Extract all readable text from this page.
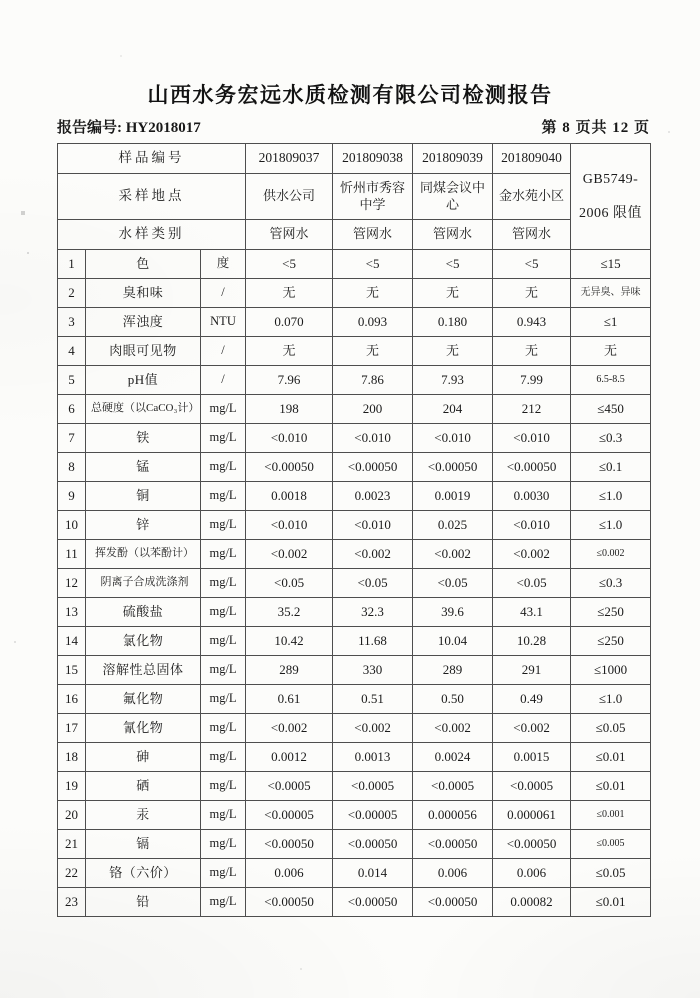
山西水务宏远水质检测有限公司检测报告
报告编号: HY2018017	第 8 页共 12 页
样品编号			201809037	201809038	201809039	201809040	GB5749-
2006 限值

采样地点			供水公司	忻州市秀容中学	同煤会议中心	金水苑小区	
水样类别			管网水	管网水	管网水	管网水	
1	色	度	<5	<5	<5	<5	≤15
2	臭和味	/	无	无	无	无	无异臭、异味
3	浑浊度	NTU	0.070	0.093	0.180	0.943	≤1
4	肉眼可见物	/	无	无	无	无	无
5	pH值	/	7.96	7.86	7.93	7.99	6.5-8.5
6	总硬度（以CaCO₃计）	mg/L	198	200	204	212	≤450
7	铁	mg/L	<0.010	<0.010	<0.010	<0.010	≤0.3
8	锰	mg/L	<0.00050	<0.00050	<0.00050	<0.00050	≤0.1
9	铜	mg/L	0.0018	0.0023	0.0019	0.0030	≤1.0
10	锌	mg/L	<0.010	<0.010	0.025	<0.010	≤1.0
11	挥发酚（以苯酚计）	mg/L	<0.002	<0.002	<0.002	<0.002	≤0.002
12	阴离子合成洗涤剂	mg/L	<0.05	<0.05	<0.05	<0.05	≤0.3
13	硫酸盐	mg/L	35.2	32.3	39.6	43.1	≤250
14	氯化物	mg/L	10.42	11.68	10.04	10.28	≤250
15	溶解性总固体	mg/L	289	330	289	291	≤1000
16	氟化物	mg/L	0.61	0.51	0.50	0.49	≤1.0
17	氰化物	mg/L	<0.002	<0.002	<0.002	<0.002	≤0.05
18	砷	mg/L	0.0012	0.0013	0.0024	0.0015	≤0.01
19	硒	mg/L	<0.0005	<0.0005	<0.0005	<0.0005	≤0.01
20	汞	mg/L	<0.00005	<0.00005	0.000056	0.000061	≤0.001
21	镉	mg/L	<0.00050	<0.00050	<0.00050	<0.00050	≤0.005
22	铬（六价）	mg/L	0.006	0.014	0.006	0.006	≤0.05
23	铅	mg/L	<0.00050	<0.00050	<0.00050	0.00082	≤0.01
